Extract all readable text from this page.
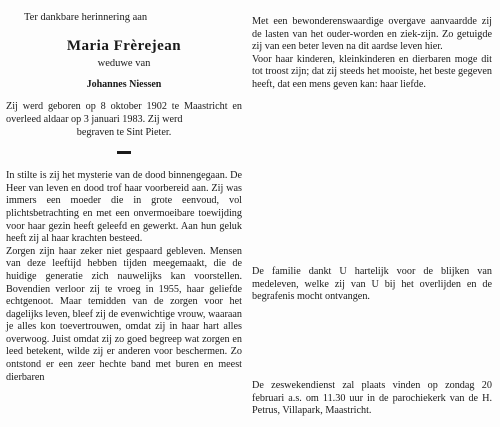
Ter dankbare herinnering aan
Maria Frèrejean
weduwe van
Johannes Niessen

Zij werd geboren op 8 oktober 1902 te Maastricht en overleed aldaar op 3 januari 1983. Zij werd

begraven te Sint Pieter.

In stilte is zij het mysterie van de dood binnengegaan. De Heer van leven en dood trof haar voorbereid aan. Zij was immers een moeder die in grote eenvoud, vol plichtsbetrachting en met een onvermoeibare toewijding voor haar gezin heeft geleefd en gewerkt. Aan hun geluk heeft zij al haar krachten besteed.

Zorgen zijn haar zeker niet gespaard gebleven. Mensen van deze leeftijd hebben tijden meegemaakt, die de huidige generatie zich nauwelijks kan voorstellen. Bovendien verloor zij te vroeg in 1955, haar geliefde echtgenoot. Maar temidden van de zorgen voor het dagelijks leven, bleef zij de evenwichtige vrouw, waaraan je alles kon toevertrouwen, omdat zij in haar hart alles overwoog. Juist omdat zij zo goed begreep wat zorgen en leed betekent, wilde zij er anderen voor beschermen. Zo ontstond er een zeer hechte band met buren en meest dierbaren

Met een bewonderenswaardige overgave aanvaardde zij de lasten van het ouder-worden en ziek-zijn. Zo getuigde zij van een beter leven na dit aardse leven hier.

Voor haar kinderen, kleinkinderen en dierbaren moge dit tot troost zijn; dat zij steeds het mooiste, het beste gegeven heeft, dat een mens geven kan: haar liefde.

De familie dankt U hartelijk voor de blijken van medeleven, welke zij van U bij het overlijden en de begrafenis mocht ontvangen.

De zeswekendienst zal plaats vinden op zondag 20 februari a.s. om 11.30 uur in de parochiekerk van de H. Petrus, Villapark, Maastricht.
